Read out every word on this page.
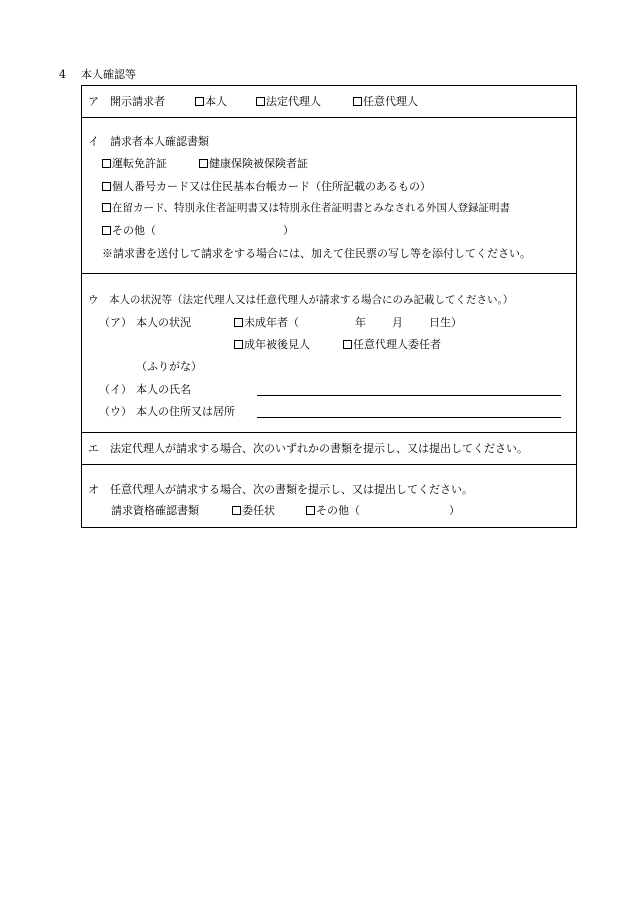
4 本人確認等
ア　開示請求者	本人	法定代理人	任意代理人
イ　請求者本人確認書類
運転免許証	健康保険被保険者証
個人番号カード又は住民基本台帳カード（住所記載のあるもの）
在留カード、特別永住者証明書又は特別永住者証明書とみなされる外国人登録証明書
その他（	）
※請求書を送付して請求をする場合には、加えて住民票の写し等を添付してください。
ウ　本人の状況等（法定代理人又は任意代理人が請求する場合にのみ記載してください。）
（ア） 本人の状況	未成年者（	年 月 日生）
成年被後見人	任意代理人委任者
（ふりがな）
（イ） 本人の氏名
（ウ） 本人の住所又は居所
エ　法定代理人が請求する場合、次のいずれかの書類を提示し、又は提出してください。
オ　任意代理人が請求する場合、次の書類を提示し、又は提出してください。
請求資格確認書類	委任状	その他（	）
